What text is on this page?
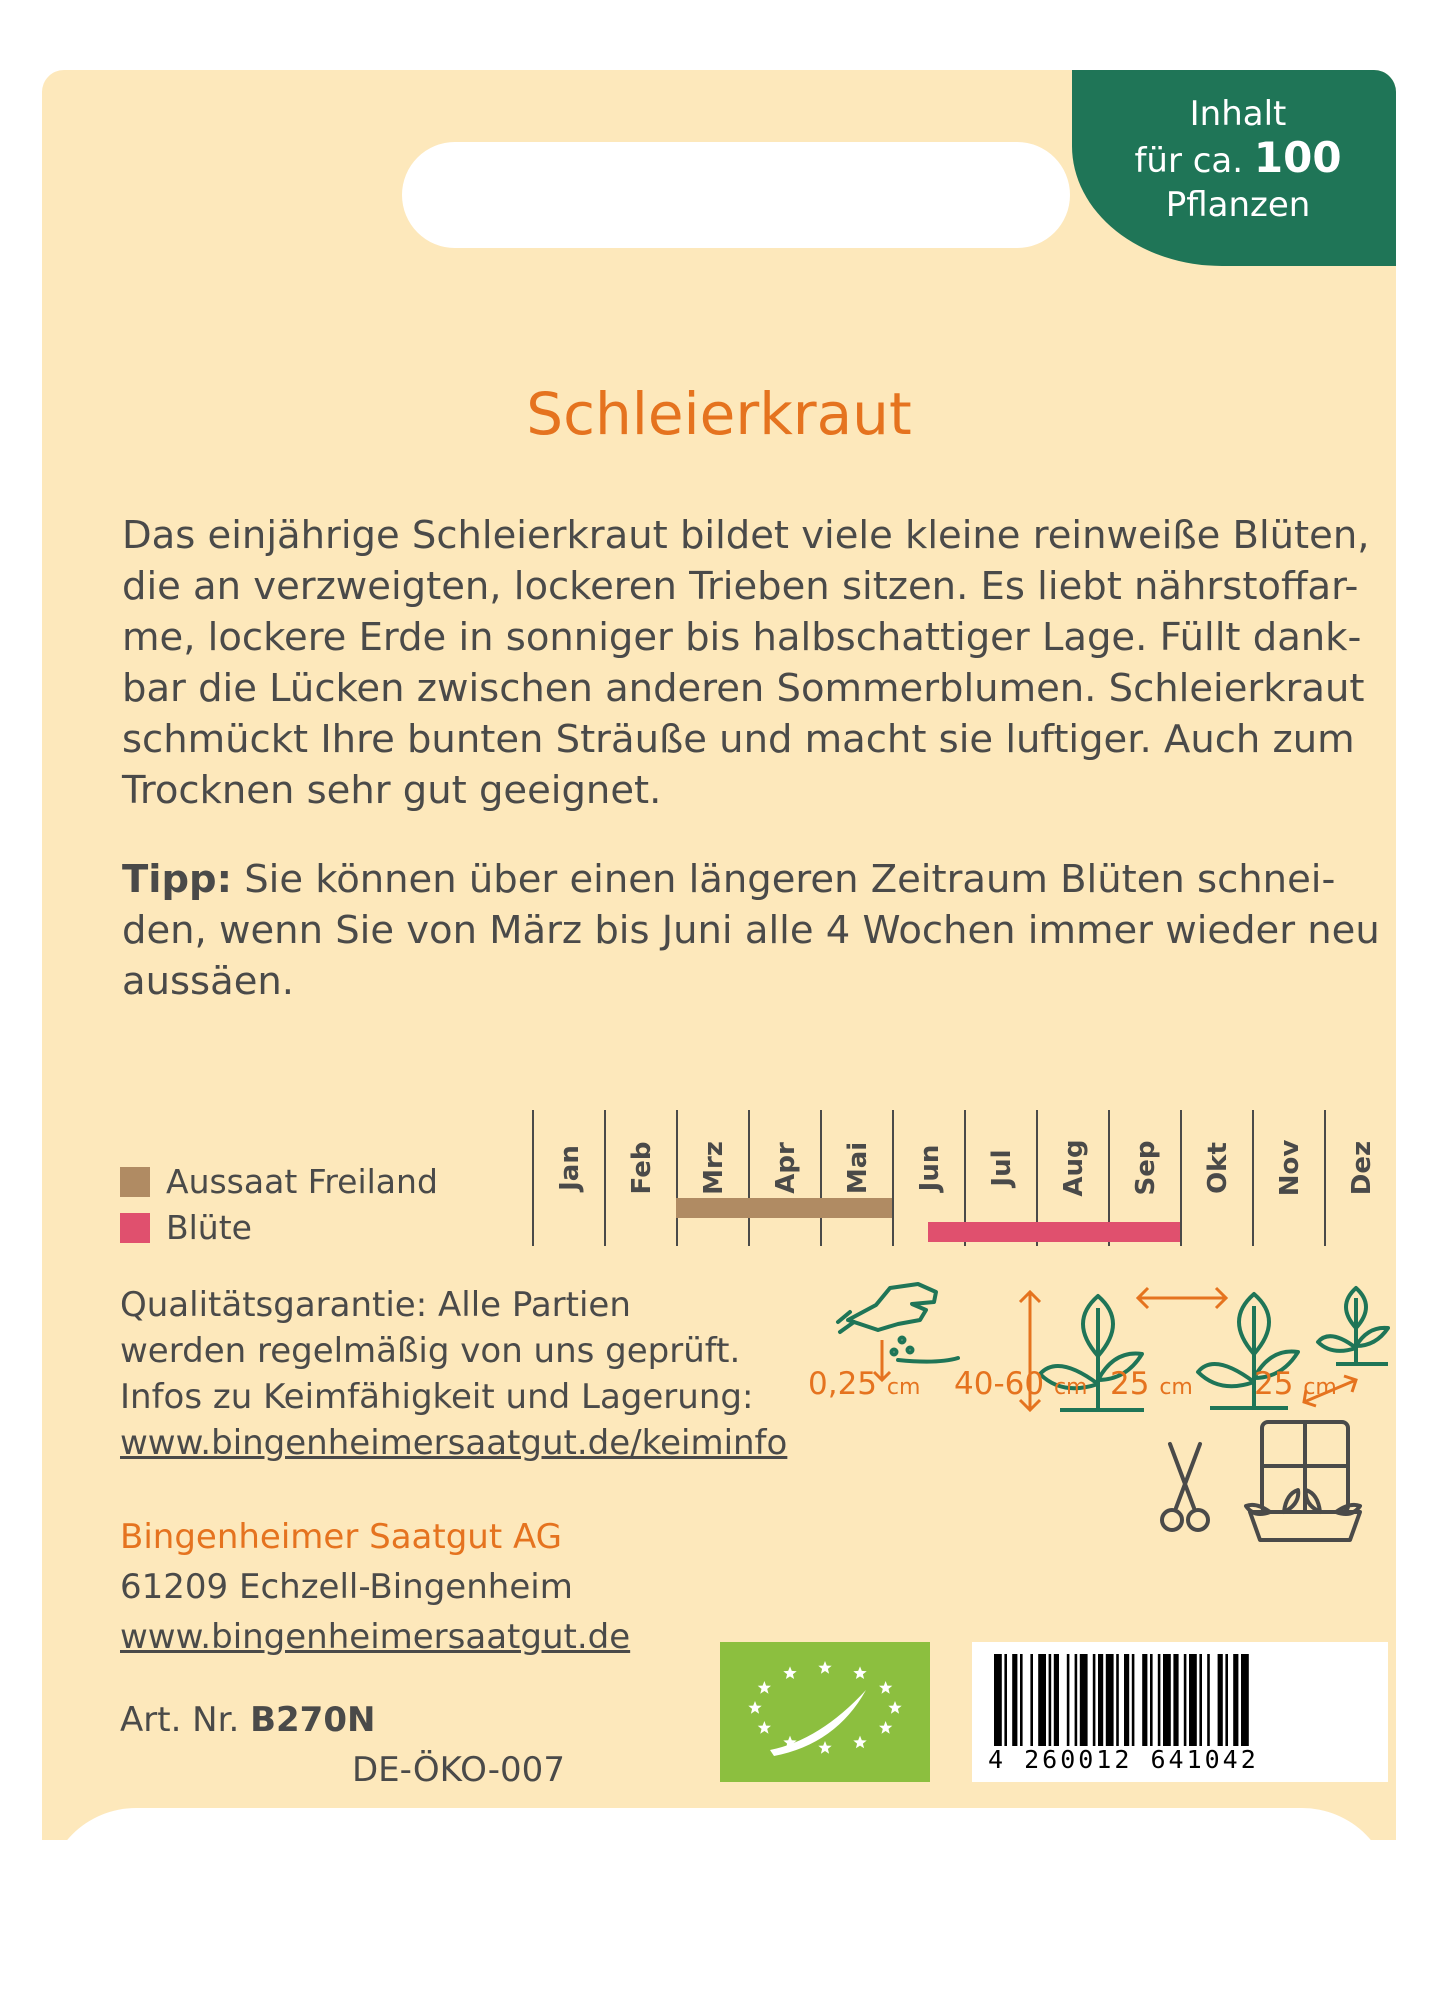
Inhalt
für ca. 100
Pflanzen
Schleierkraut

Das einjährige Schleierkraut bildet viele kleine reinweiße Blüten,
die an verzweigten, lockeren Trieben sitzen. Es liebt nährstoffar-
me, lockere Erde in sonniger bis halbschattiger Lage. Füllt dank-
bar die Lücken zwischen anderen Sommerblumen. Schleierkraut
schmückt Ihre bunten Sträuße und macht sie luftiger. Auch zum
Trocknen sehr gut geeignet.

Tipp: Sie können über einen längeren Zeitraum Blüten schnei-
den, wenn Sie von März bis Juni alle 4 Wochen immer wieder neu
aussäen.

Aussaat Freiland
Blüte
Jan Feb Mrz Apr Mai Jun Jul Aug Sep Okt Nov Dez

Qualitätsgarantie: Alle Partien
werden regelmäßig von uns geprüft.
Infos zu Keimfähigkeit und Lagerung:
www.bingenheimersaatgut.de/keiminfo

0,25 cm 40-60 cm 25 cm 25 cm
Bingenheimer Saatgut AG
61209 Echzell-Bingenheim
www.bingenheimersaatgut.de
Art. Nr. B270N
DE-ÖKO-007	4 260012 641042
